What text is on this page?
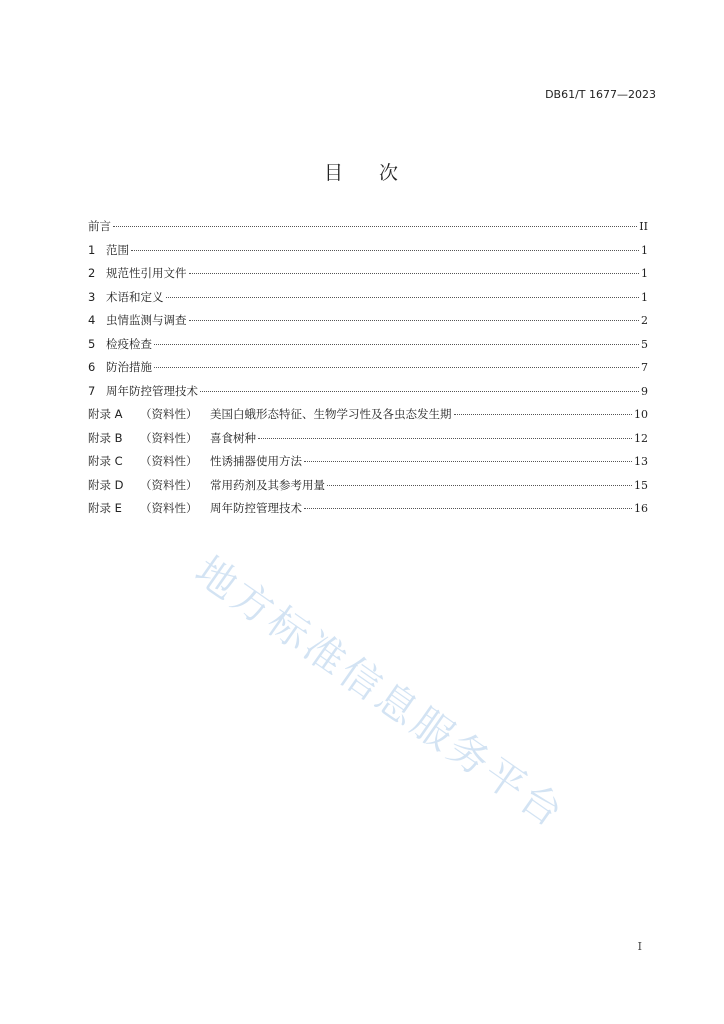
DB61/T 1677—2023
目 次
前言	II
1 范围	1
2 规范性引用文件	1
3 术语和定义	1
4 虫情监测与调查	2
5 检疫检查	5
6 防治措施	7
7 周年防控管理技术	9
附录 A	（资料性）	美国白蛾形态特征、生物学习性及各虫态发生期	10
附录 B	（资料性）	喜食树种	12
附录 C	（资料性）	性诱捕器使用方法	13
附录 D	（资料性）	常用药剂及其参考用量	15
附录 E	（资料性）	周年防控管理技术	16
地方标准信息服务平台
I
